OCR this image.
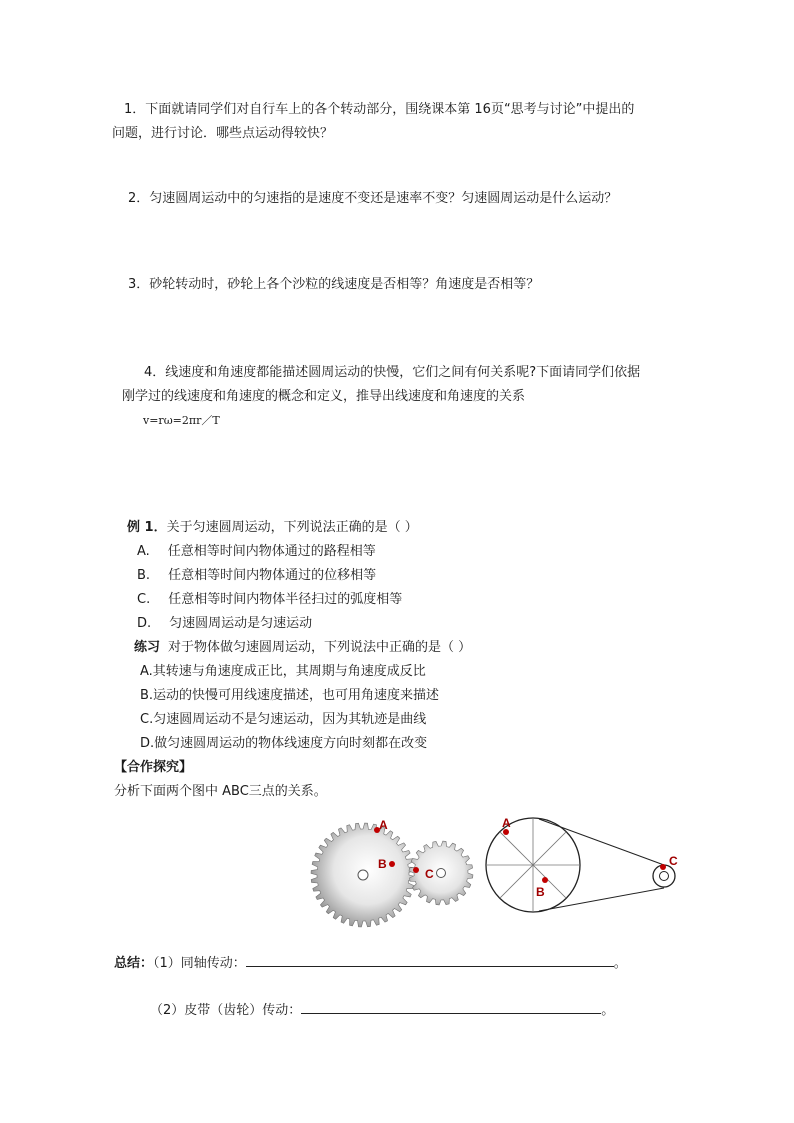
1．下面就请同学们对自行车上的各个转动部分，围绕课本第 16页“思考与讨论”中提出的
问题，进行讨论．哪些点运动得较快？
2．匀速圆周运动中的匀速指的是速度不变还是速率不变？匀速圆周运动是什么运动？
3．砂轮转动时，砂轮上各个沙粒的线速度是否相等？角速度是否相等？
4．线速度和角速度都能描述圆周运动的快慢，它们之间有何关系呢?下面请同学们依据
刚学过的线速度和角速度的概念和定义，推导出线速度和角速度的关系
v=rω=2πr／T
例 1．关于匀速圆周运动，下列说法正确的是（ ）
A. 任意相等时间内物体通过的路程相等
B. 任意相等时间内物体通过的位移相等
C. 任意相等时间内物体半径扫过的弧度相等
D. 匀速圆周运动是匀速运动
练习 对于物体做匀速圆周运动，下列说法中正确的是（ ）
A.其转速与角速度成正比，其周期与角速度成反比
B.运动的快慢可用线速度描述，也可用角速度来描述
C.匀速圆周运动不是匀速运动，因为其轨迹是曲线
D.做匀速圆周运动的物体线速度方向时刻都在改变
【合作探究】
分析下面两个图中 ABC三点的关系。
A
B
C
A
B
C
总结：（1）同轴传动：	。
（2）皮带（齿轮）传动：	。
